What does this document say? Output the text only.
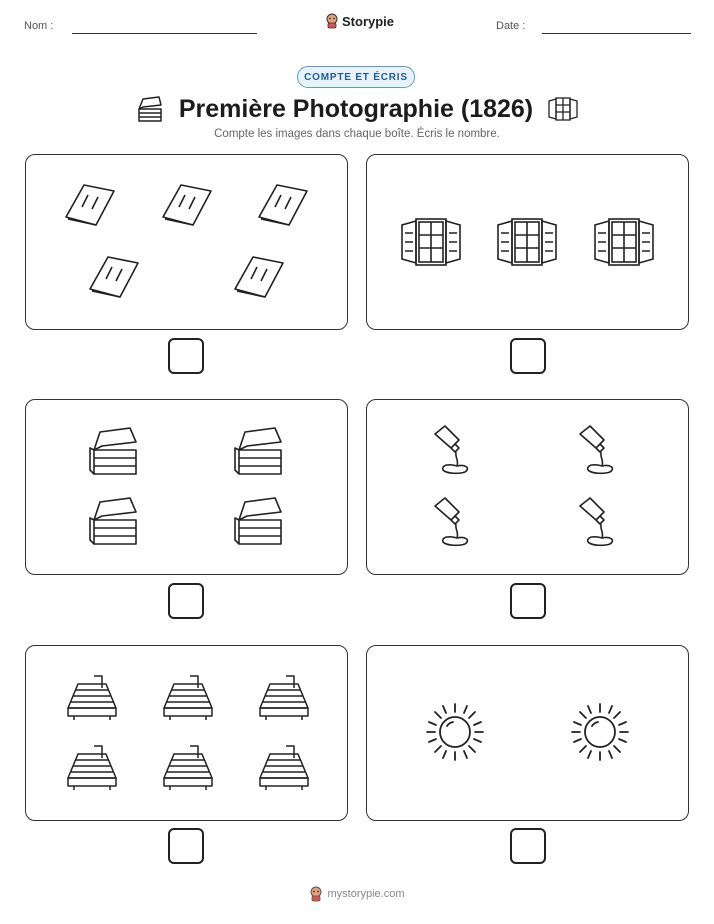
Nom :	Storypie	Date :
COMPTE ET ÉCRIS
Première Photographie (1826)
Compte les images dans chaque boîte. Écris le nombre.
mystorypie.com
